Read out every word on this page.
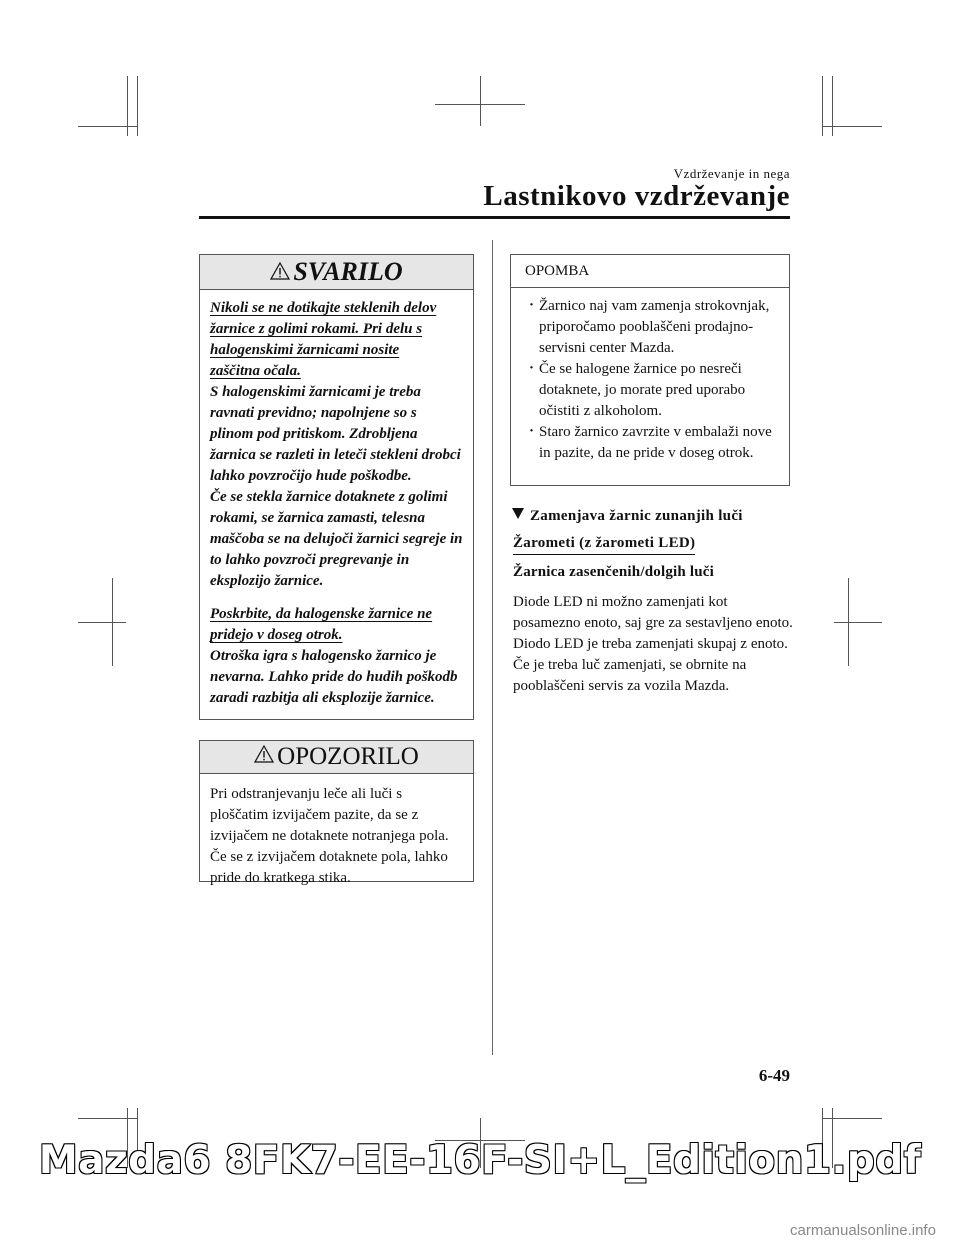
Vzdrževanje in nega
Lastnikovo vzdrževanje
SVARILO

Nikoli se ne dotikajte steklenih delov

žarnice z golimi rokami. Pri delu s

halogenskimi žarnicami nosite

zaščitna očala.

S halogenskimi žarnicami je treba ravnati previdno; napolnjene so s plinom pod pritiskom. Zdrobljena žarnica se razleti in leteči stekleni drobci lahko povzročijo hude poškodbe.

Če se stekla žarnice dotaknete z golimi rokami, se žarnica zamasti, telesna maščoba se na delujoči žarnici segreje in to lahko povzroči pregrevanje in eksplozijo žarnice.

Poskrbite, da halogenske žarnice ne

pridejo v doseg otrok.

Otroška igra s halogensko žarnico je nevarna. Lahko pride do hudih poškodb zaradi razbitja ali eksplozije žarnice.

OPOZORILO
Pri odstranjevanju leče ali luči s ploščatim izvijačem pazite, da se z izvijačem ne dotaknete notranjega pola. Če se z izvijačem dotaknete pola, lahko pride do kratkega stika.
OPOMBA
· Žarnico naj vam zamenja strokovnjak, priporočamo pooblaščeni prodajno-servisni center Mazda.
· Če se halogene žarnice po nesreči dotaknete, jo morate pred uporabo očistiti z alkoholom.
· Staro žarnico zavrzite v embalaži nove in pazite, da ne pride v doseg otrok.
Zamenjava žarnic zunanjih luči
Žarometi (z žarometi LED)
Žarnica zasenčenih/dolgih luči

Diode LED ni možno zamenjati kot posamezno enoto, saj gre za sestavljeno enoto.

Diodo LED je treba zamenjati skupaj z enoto. Če je treba luč zamenjati, se obrnite na pooblaščeni servis za vozila Mazda.

6-49
Mazda6 8FK7-EE-16F-SI+L_Edition1.pdf
carmanualsonline.info
